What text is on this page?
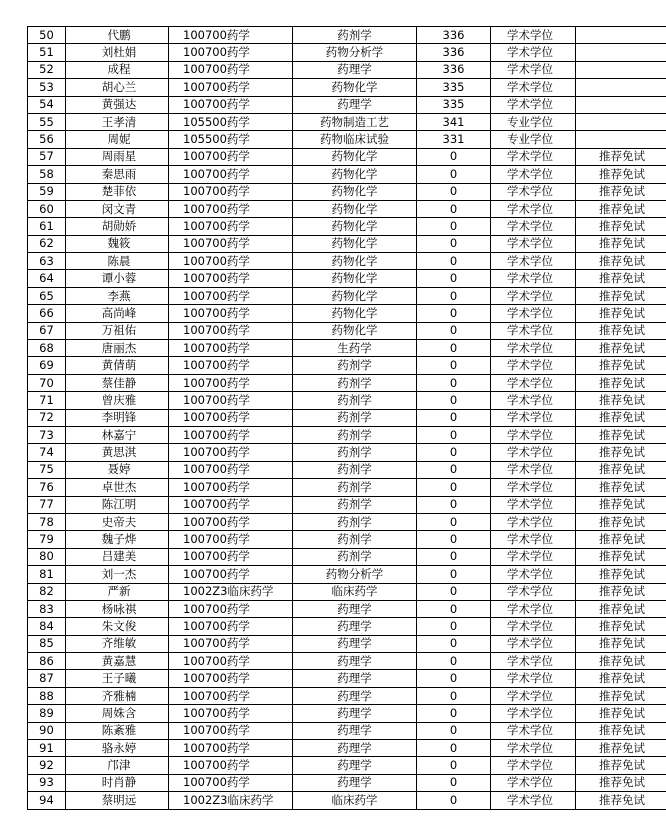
50	代鹏	100700药学	药剂学	336	学术学位	
51	刘杜娟	100700药学	药物分析学	336	学术学位	
52	成程	100700药学	药理学	336	学术学位	
53	胡心兰	100700药学	药物化学	335	学术学位	
54	黄强达	100700药学	药理学	335	学术学位	
55	王孝清	105500药学	药物制造工艺	341	专业学位	
56	周妮	105500药学	药物临床试验	331	专业学位	
57	周雨星	100700药学	药物化学	0	学术学位	推荐免试
58	秦思雨	100700药学	药物化学	0	学术学位	推荐免试
59	楚菲依	100700药学	药物化学	0	学术学位	推荐免试
60	闵文青	100700药学	药物化学	0	学术学位	推荐免试
61	胡勋娇	100700药学	药物化学	0	学术学位	推荐免试
62	魏筱	100700药学	药物化学	0	学术学位	推荐免试
63	陈晨	100700药学	药物化学	0	学术学位	推荐免试
64	谭小蓉	100700药学	药物化学	0	学术学位	推荐免试
65	李燕	100700药学	药物化学	0	学术学位	推荐免试
66	高尚峰	100700药学	药物化学	0	学术学位	推荐免试
67	万祖佑	100700药学	药物化学	0	学术学位	推荐免试
68	唐丽杰	100700药学	生药学	0	学术学位	推荐免试
69	黄倩萌	100700药学	药剂学	0	学术学位	推荐免试
70	蔡佳静	100700药学	药剂学	0	学术学位	推荐免试
71	曾庆雅	100700药学	药剂学	0	学术学位	推荐免试
72	李明锋	100700药学	药剂学	0	学术学位	推荐免试
73	林嘉宁	100700药学	药剂学	0	学术学位	推荐免试
74	黄思淇	100700药学	药剂学	0	学术学位	推荐免试
75	聂婷	100700药学	药剂学	0	学术学位	推荐免试
76	卓世杰	100700药学	药剂学	0	学术学位	推荐免试
77	陈江明	100700药学	药剂学	0	学术学位	推荐免试
78	史帝夫	100700药学	药剂学	0	学术学位	推荐免试
79	魏子烨	100700药学	药剂学	0	学术学位	推荐免试
80	吕建美	100700药学	药剂学	0	学术学位	推荐免试
81	刘一杰	100700药学	药物分析学	0	学术学位	推荐免试
82	严新	1002Z3临床药学	临床药学	0	学术学位	推荐免试
83	杨咏祺	100700药学	药理学	0	学术学位	推荐免试
84	朱文俊	100700药学	药理学	0	学术学位	推荐免试
85	齐维敏	100700药学	药理学	0	学术学位	推荐免试
86	黄嘉慧	100700药学	药理学	0	学术学位	推荐免试
87	王子曦	100700药学	药理学	0	学术学位	推荐免试
88	齐雅楠	100700药学	药理学	0	学术学位	推荐免试
89	周姝含	100700药学	药理学	0	学术学位	推荐免试
90	陈紊雅	100700药学	药理学	0	学术学位	推荐免试
91	骆永婷	100700药学	药理学	0	学术学位	推荐免试
92	邝津	100700药学	药理学	0	学术学位	推荐免试
93	时肖静	100700药学	药理学	0	学术学位	推荐免试
94	蔡明远	1002Z3临床药学	临床药学	0	学术学位	推荐免试
